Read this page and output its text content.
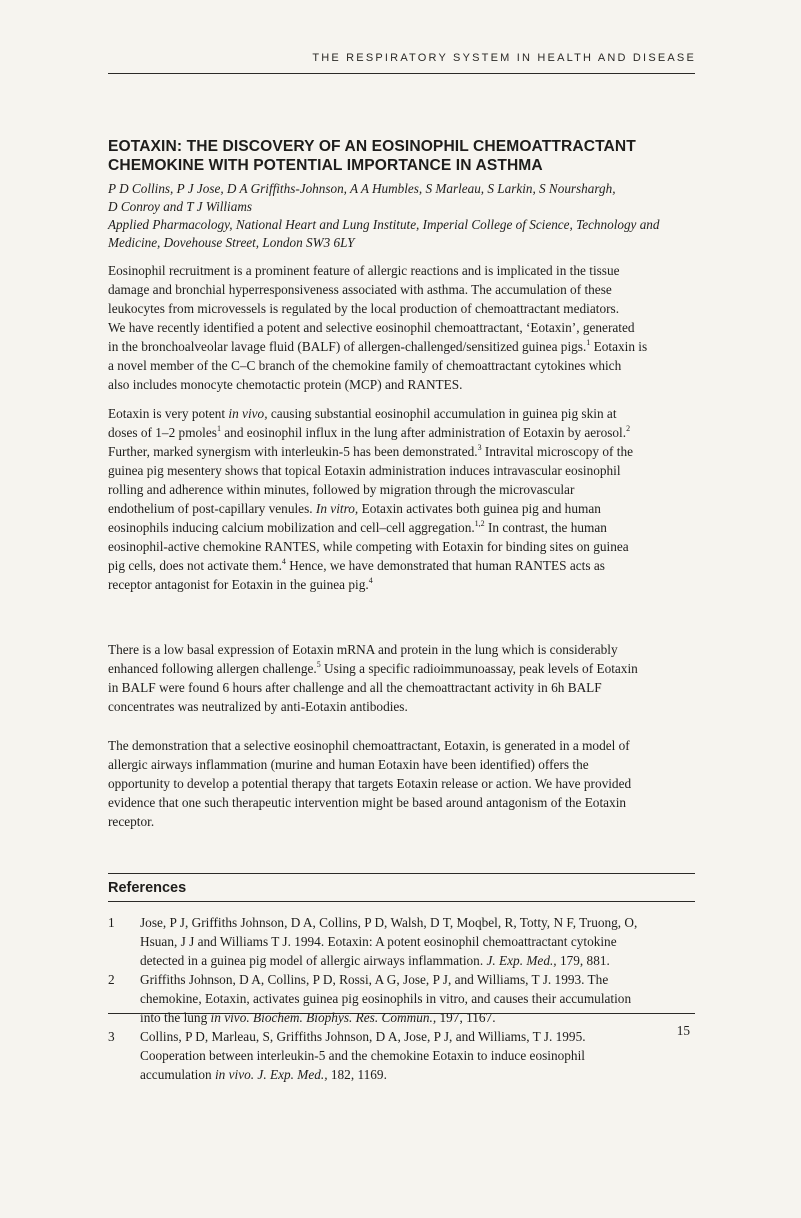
THE RESPIRATORY SYSTEM IN HEALTH AND DISEASE
EOTAXIN: THE DISCOVERY OF AN EOSINOPHIL CHEMOATTRACTANT
CHEMOKINE WITH POTENTIAL IMPORTANCE IN ASTHMA
P D Collins, P J Jose, D A Griffiths-Johnson, A A Humbles, S Marleau, S Larkin, S Nourshargh,
D Conroy and T J Williams
Applied Pharmacology, National Heart and Lung Institute, Imperial College of Science, Technology and
Medicine, Dovehouse Street, London SW3 6LY
Eosinophil recruitment is a prominent feature of allergic reactions and is implicated in the tissue
damage and bronchial hyperresponsiveness associated with asthma. The accumulation of these
leukocytes from microvessels is regulated by the local production of chemoattractant mediators.
We have recently identified a potent and selective eosinophil chemoattractant, ‘Eotaxin’, generated
in the bronchoalveolar lavage fluid (BALF) of allergen-challenged/sensitized guinea pigs.$^1$ Eotaxin is
a novel member of the C–C branch of the chemokine family of chemoattractant cytokines which
also includes monocyte chemotactic protein (MCP) and RANTES.
Eotaxin is very potent in vivo, causing substantial eosinophil accumulation in guinea pig skin at
doses of 1–2 pmoles$^1$ and eosinophil influx in the lung after administration of Eotaxin by aerosol.$^2$
Further, marked synergism with interleukin-5 has been demonstrated.$^3$ Intravital microscopy of the
guinea pig mesentery shows that topical Eotaxin administration induces intravascular eosinophil
rolling and adherence within minutes, followed by migration through the microvascular
endothelium of post-capillary venules. In vitro, Eotaxin activates both guinea pig and human
eosinophils inducing calcium mobilization and cell–cell aggregation.$^{1,2}$ In contrast, the human
eosinophil-active chemokine RANTES, while competing with Eotaxin for binding sites on guinea
pig cells, does not activate them.$^4$ Hence, we have demonstrated that human RANTES acts as
receptor antagonist for Eotaxin in the guinea pig.$^4$
There is a low basal expression of Eotaxin mRNA and protein in the lung which is considerably
enhanced following allergen challenge.$^5$ Using a specific radioimmunoassay, peak levels of Eotaxin
in BALF were found 6 hours after challenge and all the chemoattractant activity in 6h BALF
concentrates was neutralized by anti-Eotaxin antibodies.
The demonstration that a selective eosinophil chemoattractant, Eotaxin, is generated in a model of
allergic airways inflammation (murine and human Eotaxin have been identified) offers the
opportunity to develop a potential therapy that targets Eotaxin release or action. We have provided
evidence that one such therapeutic intervention might be based around antagonism of the Eotaxin
receptor.
References
1 Jose, P J, Griffiths Johnson, D A, Collins, P D, Walsh, D T, Moqbel, R, Totty, N F, Truong, O,
Hsuan, J J and Williams T J. 1994. Eotaxin: A potent eosinophil chemoattractant cytokine
detected in a guinea pig model of allergic airways inflammation. J. Exp. Med., 179, 881.
2 Griffiths Johnson, D A, Collins, P D, Rossi, A G, Jose, P J, and Williams, T J. 1993. The
chemokine, Eotaxin, activates guinea pig eosinophils in vitro, and causes their accumulation
into the lung in vivo. Biochem. Biophys. Res. Commun., 197, 1167.
3 Collins, P D, Marleau, S, Griffiths Johnson, D A, Jose, P J, and Williams, T J. 1995.
Cooperation between interleukin-5 and the chemokine Eotaxin to induce eosinophil
accumulation in vivo. J. Exp. Med., 182, 1169.
15
